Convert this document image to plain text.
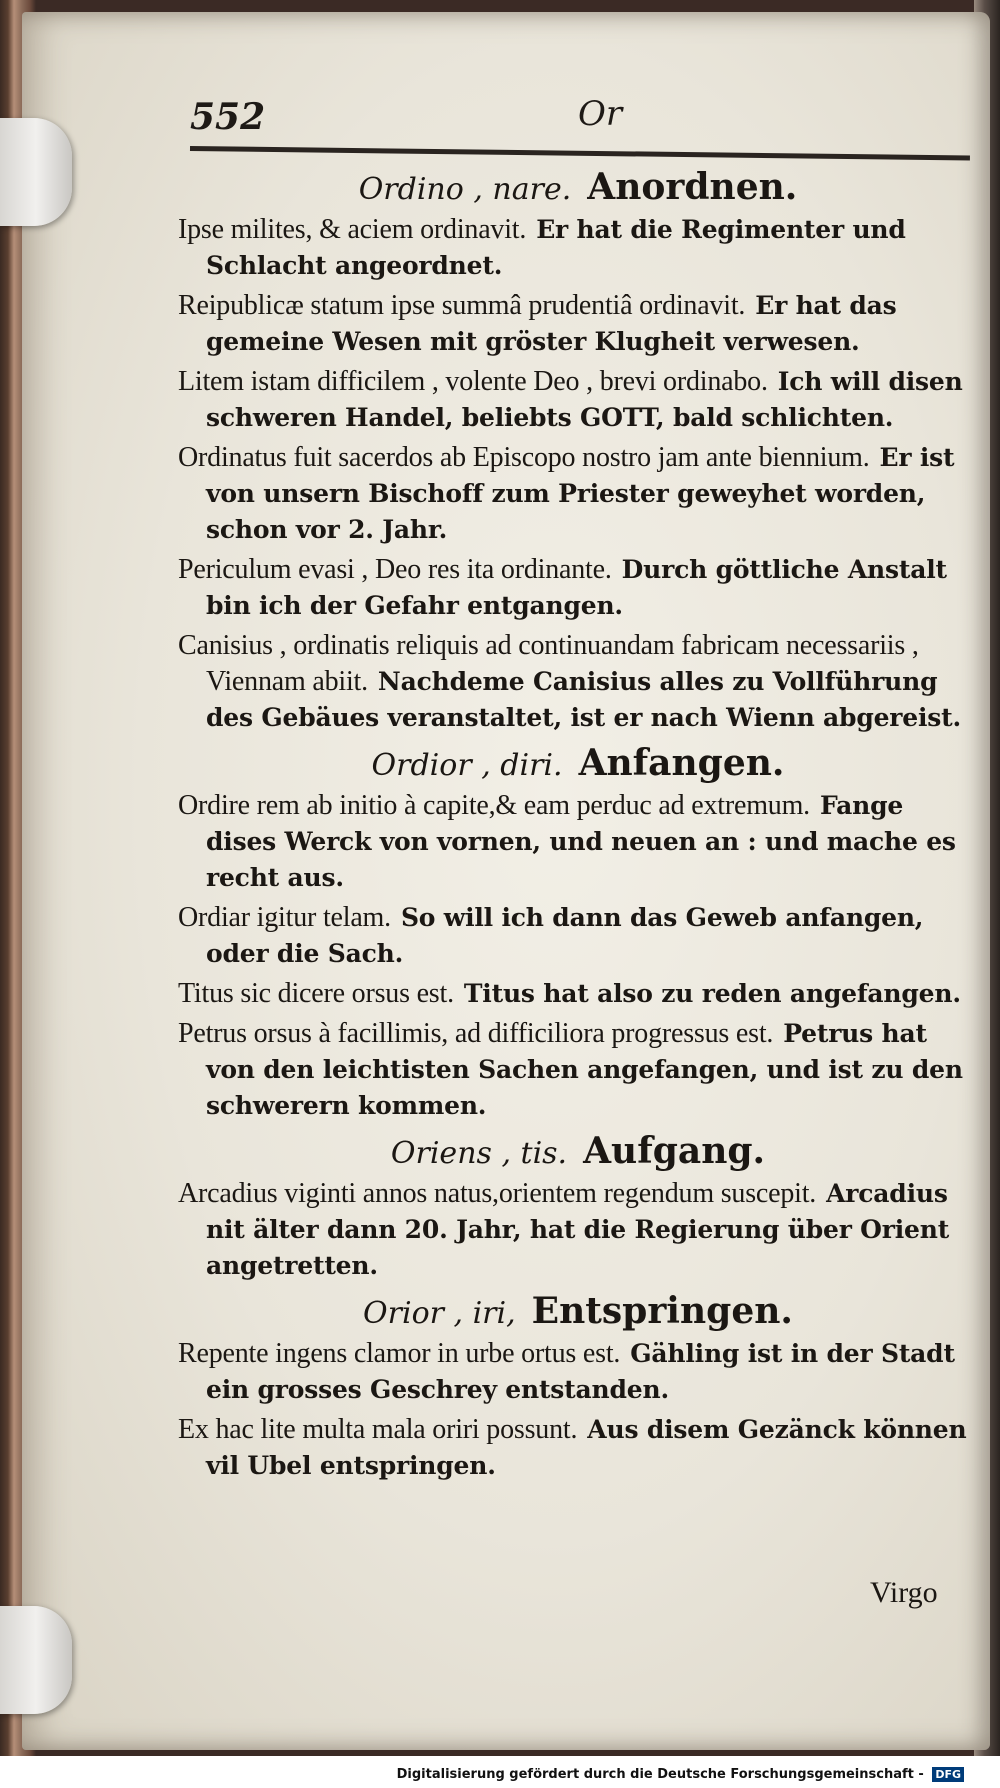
552	Or
Ordino , nare. Anordnen.

Ipse milites, & aciem ordinavit. Er hat die Regimenter und Schlacht angeordnet.

Reipublicæ statum ipse summâ prudentiâ ordinavit. Er hat das gemeine Wesen mit gröster Klugheit verwesen.

Litem istam difficilem , volente Deo , brevi ordinabo. Ich will disen schweren Handel, beliebts GOTT, bald schlichten.

Ordinatus fuit sacerdos ab Episcopo nostro jam ante biennium. Er ist von unsern Bischoff zum Priester geweyhet worden, schon vor 2. Jahr.

Periculum evasi , Deo res ita ordinante. Durch göttliche Anstalt bin ich der Gefahr entgangen.

Canisius , ordinatis reliquis ad continuandam fabricam necessariis , Viennam abiit. Nachdeme Canisius alles zu Vollführung des Gebäues veranstaltet, ist er nach Wienn abgereist.

Ordior , diri. Anfangen.

Ordire rem ab initio à capite,& eam perduc ad extremum. Fange dises Werck von vornen, und neuen an : und mache es recht aus.

Ordiar igitur telam. So will ich dann das Geweb anfangen, oder die Sach.

Titus sic dicere orsus est. Titus hat also zu reden angefangen.

Petrus orsus à facillimis, ad difficiliora progressus est. Petrus hat von den leichtisten Sachen angefangen, und ist zu den schwerern kommen.

Oriens , tis. Aufgang.

Arcadius viginti annos natus,orientem regendum suscepit. Arcadius nit älter dann 20. Jahr, hat die Regierung über Orient angetretten.

Orior , iri, Entspringen.

Repente ingens clamor in urbe ortus est. Gähling ist in der Stadt ein grosses Geschrey entstanden.

Ex hac lite multa mala oriri possunt. Aus disem Gezänck können vil Ubel entspringen.

Virgo
Digitalisierung gefördert durch die Deutsche Forschungsgemeinschaft - DFG
